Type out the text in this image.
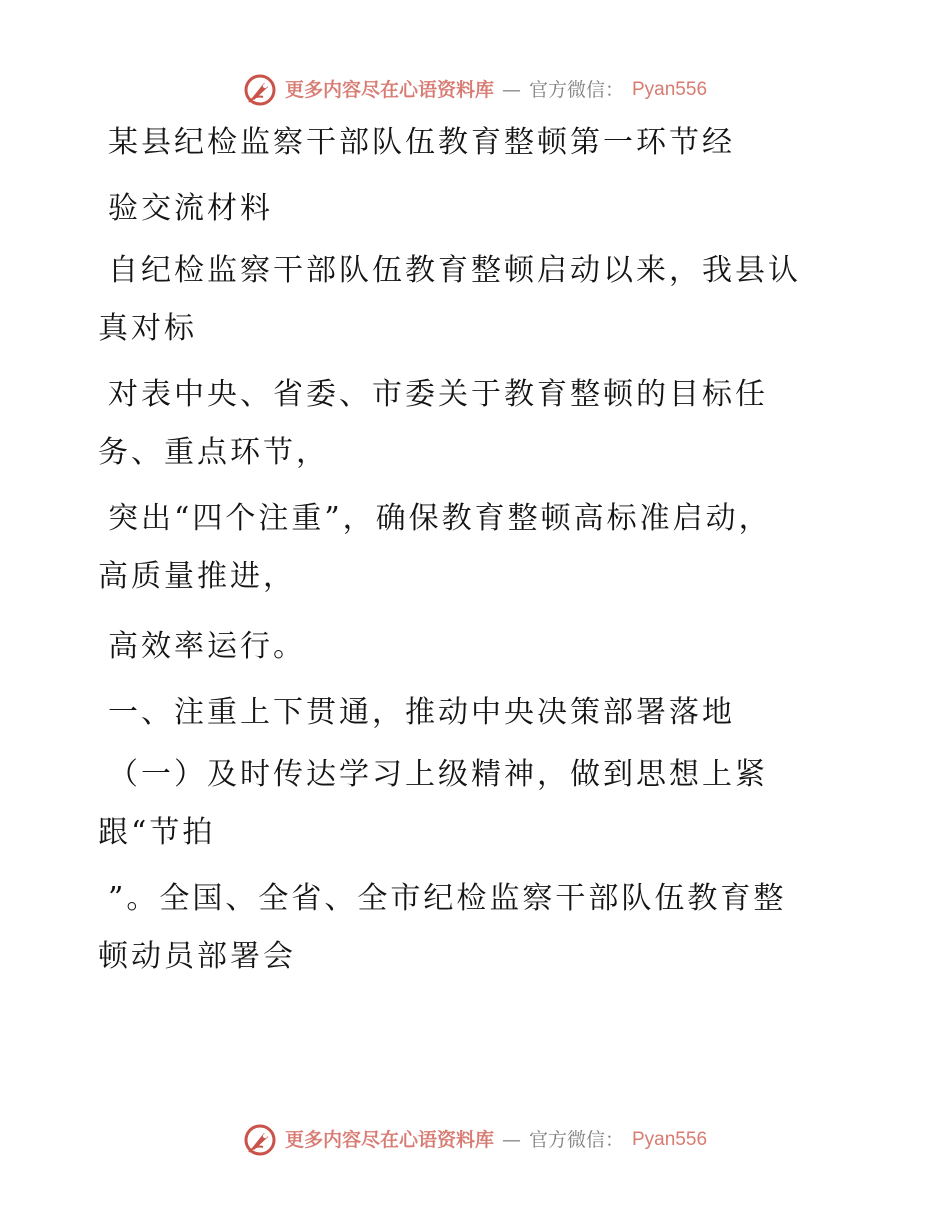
更多内容尽在心语资料库 — 官方微信： Pyan556

某县纪检监察干部队伍教育整顿第一环节经

验交流材料

自纪检监察干部队伍教育整顿启动以来，我县认
真对标

对表中央、省委、市委关于教育整顿的目标任
务、重点环节，

突出“四个注重”，确保教育整顿高标准启动，
高质量推进，

高效率运行。

一、注重上下贯通，推动中央决策部署落地

（一）及时传达学习上级精神，做到思想上紧
跟“节拍

”。全国、全省、全市纪检监察干部队伍教育整
顿动员部署会

更多内容尽在心语资料库 — 官方微信： Pyan556
